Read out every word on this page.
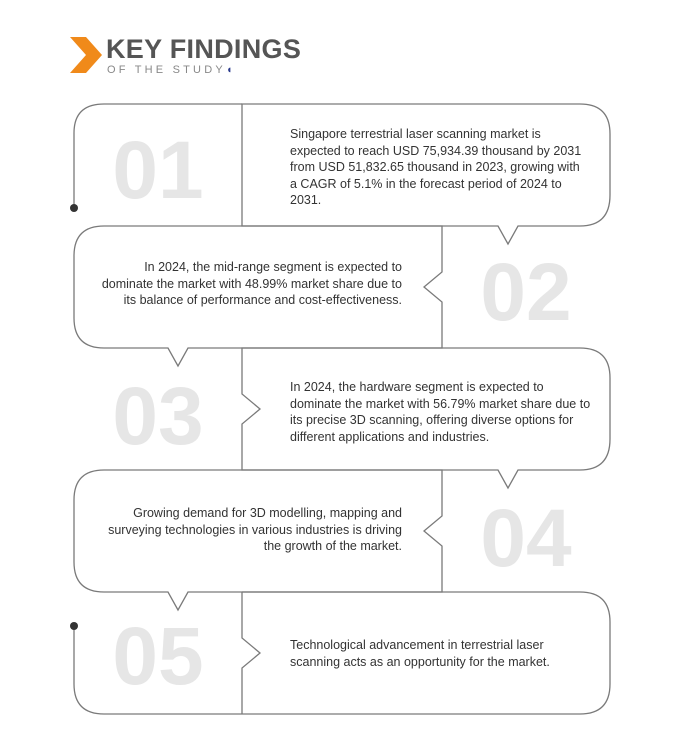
KEY FINDINGS
OF THE STUDY◖
01	Singapore terrestrial laser scanning market is expected to reach USD 75,934.39 thousand by 2031 from USD 51,832.65 thousand in 2023, growing with a CAGR of 5.1% in the forecast period of 2024 to 2031.
02
In 2024, the mid-range segment is expected to dominate the market with 48.99% market share due to its balance of performance and cost-effectiveness.
03	In 2024, the hardware segment is expected to dominate the market with 56.79% market share due to its precise 3D scanning, offering diverse options for different applications and industries.
04
Growing demand for 3D modelling, mapping and surveying technologies in various industries is driving the growth of the market.
05	Technological advancement in terrestrial laser scanning acts as an opportunity for the market.
